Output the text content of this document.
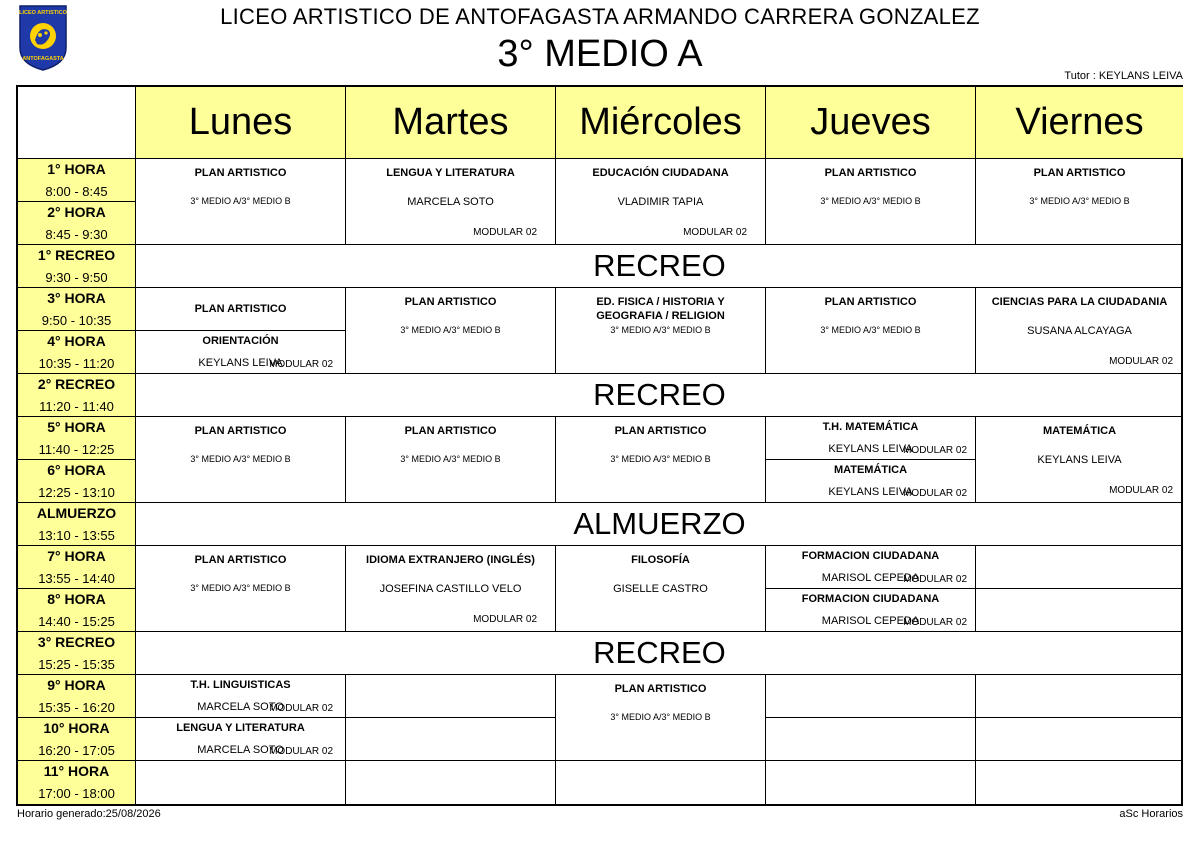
LICEO ARTISTICO
ANTOFAGASTA
LICEO ARTISTICO DE ANTOFAGASTA ARMANDO CARRERA GONZALEZ
3° MEDIO A
Tutor : KEYLANS LEIVA
Lunes	Martes Miércoles Jueves Viernes
1° HORA
8:00 - 8:45
2° HORA
8:45 - 9:30
1° RECREO
9:30 - 9:50
3° HORA
9:50 - 10:35
4° HORA
10:35 - 11:20
2° RECREO
11:20 - 11:40
5° HORA
11:40 - 12:25
6° HORA
12:25 - 13:10
ALMUERZO
13:10 - 13:55
7° HORA
13:55 - 14:40
8° HORA
14:40 - 15:25
3° RECREO
15:25 - 15:35
9° HORA
15:35 - 16:20
10° HORA
16:20 - 17:05
11° HORA
17:00 - 18:00
RECREO
RECREO
ALMUERZO
RECREO
PLAN ARTISTICO
3° MEDIO A/3° MEDIO B
LENGUA Y LITERATURA
MARCELA SOTO
MODULAR 02
EDUCACIÓN CIUDADANA
VLADIMIR TAPIA
MODULAR 02
PLAN ARTISTICO
3° MEDIO A/3° MEDIO B
PLAN ARTISTICO
3° MEDIO A/3° MEDIO B
PLAN ARTISTICO
ORIENTACIÓN
KEYLANS LEIVA
MODULAR 02
PLAN ARTISTICO
3° MEDIO A/3° MEDIO B
ED. FISICA / HISTORIA Y GEOGRAFIA / RELIGION
3° MEDIO A/3° MEDIO B
PLAN ARTISTICO
3° MEDIO A/3° MEDIO B
CIENCIAS PARA LA CIUDADANIA
SUSANA ALCAYAGA
MODULAR 02
PLAN ARTISTICO
3° MEDIO A/3° MEDIO B
PLAN ARTISTICO
3° MEDIO A/3° MEDIO B
PLAN ARTISTICO
3° MEDIO A/3° MEDIO B
T.H. MATEMÁTICA
KEYLANS LEIVA
MODULAR 02
MATEMÁTICA
KEYLANS LEIVA
MODULAR 02
MATEMÁTICA
KEYLANS LEIVA
MODULAR 02
PLAN ARTISTICO
3° MEDIO A/3° MEDIO B
IDIOMA EXTRANJERO (INGLÉS)
JOSEFINA CASTILLO VELO
MODULAR 02
FILOSOFÍA
GISELLE CASTRO
FORMACION CIUDADANA
MARISOL CEPEDA
MODULAR 02
FORMACION CIUDADANA
MARISOL CEPEDA
MODULAR 02
T.H. LINGUISTICAS
MARCELA SOTO
MODULAR 02
LENGUA Y LITERATURA
MARCELA SOTO
MODULAR 02
PLAN ARTISTICO
3° MEDIO A/3° MEDIO B
Horario generado:25/08/2026	aSc Horarios
